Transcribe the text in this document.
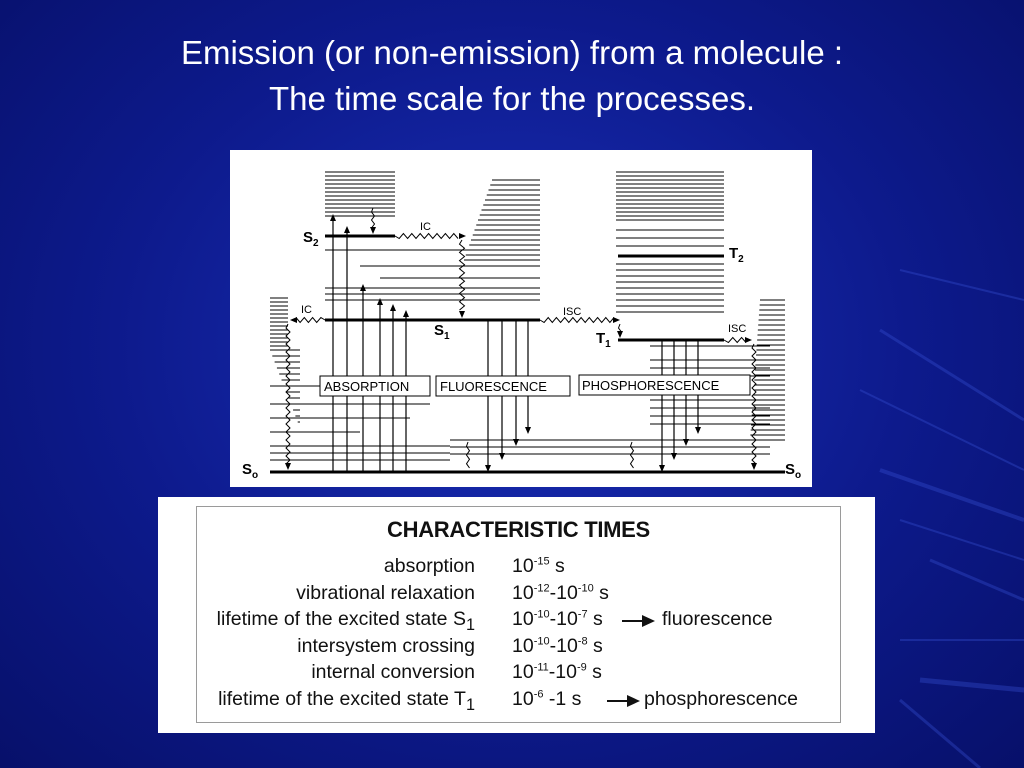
Emission (or non-emission) from a molecule :
The time scale for the processes.
ABSORPTION FLUORESCENCE	PHOSPHORESCENCE
$S_2$
$S_1$
$S_o$	$S_o$
$T_2$
$T_1$
IC
IC	ISC
ISC
CHARACTERISTIC TIMES
absorption $10^{-15}$ s
vibrational relaxation $10^{-12}-10^{-10}$ s
lifetime of the excited state $S_1$ $10^{-10}-10^{-7}$ s	fluorescence
intersystem crossing $10^{-10}-10^{-8}$ s
internal conversion $10^{-11}-10^{-9}$ s
lifetime of the excited state $T_1$ $10^{-6}$ -1 s	phosphorescence
